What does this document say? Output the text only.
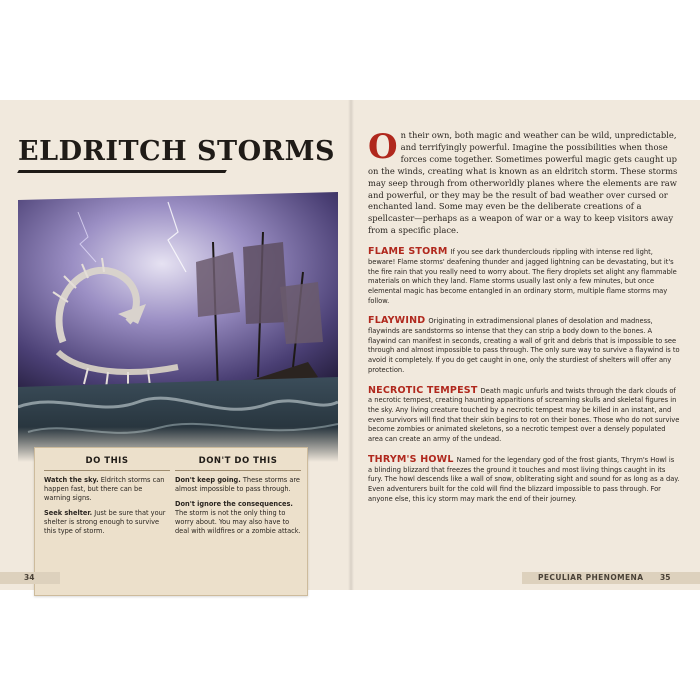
ELDRITCH STORMS
DO THIS
Watch the sky. Eldritch storms can happen fast, but there can be warning signs.
Seek shelter. Just be sure that your shelter is strong enough to survive this type of storm.
DON'T DO THIS
Don't keep going. These storms are almost impossible to pass through.
Don't ignore the consequences. The storm is not the only thing to worry about. You may also have to deal with wildfires or a zombie attack.
34

On their own, both magic and weather can be wild, unpredictable, and terrifyingly powerful. Imagine the possibilities when those forces come together. Sometimes powerful magic gets caught up on the winds, creating what is known as an eldritch storm. These storms may seep through from otherworldly planes where the elements are raw and powerful, or they may be the result of bad weather over cursed or enchanted land. Some may even be the deliberate creations of a spellcaster—perhaps as a weapon of war or a way to keep visitors away from a specific place.

FLAME STORM If you see dark thunderclouds rippling with intense red light, beware! Flame storms' deafening thunder and jagged lightning can be devastating, but it's the fire rain that you really need to worry about. The fiery droplets set alight any flammable materials on which they land. Flame storms usually last only a few minutes, but once elemental magic has become entangled in an ordinary storm, multiple flame storms may follow.

FLAYWIND Originating in extradimensional planes of desolation and madness, flaywinds are sandstorms so intense that they can strip a body down to the bones. A flaywind can manifest in seconds, creating a wall of grit and debris that is impossible to see through and almost impossible to pass through. The only sure way to survive a flaywind is to avoid it completely. If you do get caught in one, only the sturdiest of shelters will offer any protection.

NECROTIC TEMPEST Death magic unfurls and twists through the dark clouds of a necrotic tempest, creating haunting apparitions of screaming skulls and skeletal figures in the sky. Any living creature touched by a necrotic tempest may be killed in an instant, and even survivors will find that their skin begins to rot on their bones. Those who do not survive become zombies or animated skeletons, so a necrotic tempest over a densely populated area can create an army of the undead.

THRYM'S HOWL Named for the legendary god of the frost giants, Thrym's Howl is a blinding blizzard that freezes the ground it touches and most living things caught in its fury. The howl descends like a wall of snow, obliterating sight and sound for as long as a day. Even adventurers built for the cold will find the blizzard impossible to pass through. For anyone else, this icy storm may mark the end of their journey.

PECULIAR PHENOMENA 35
